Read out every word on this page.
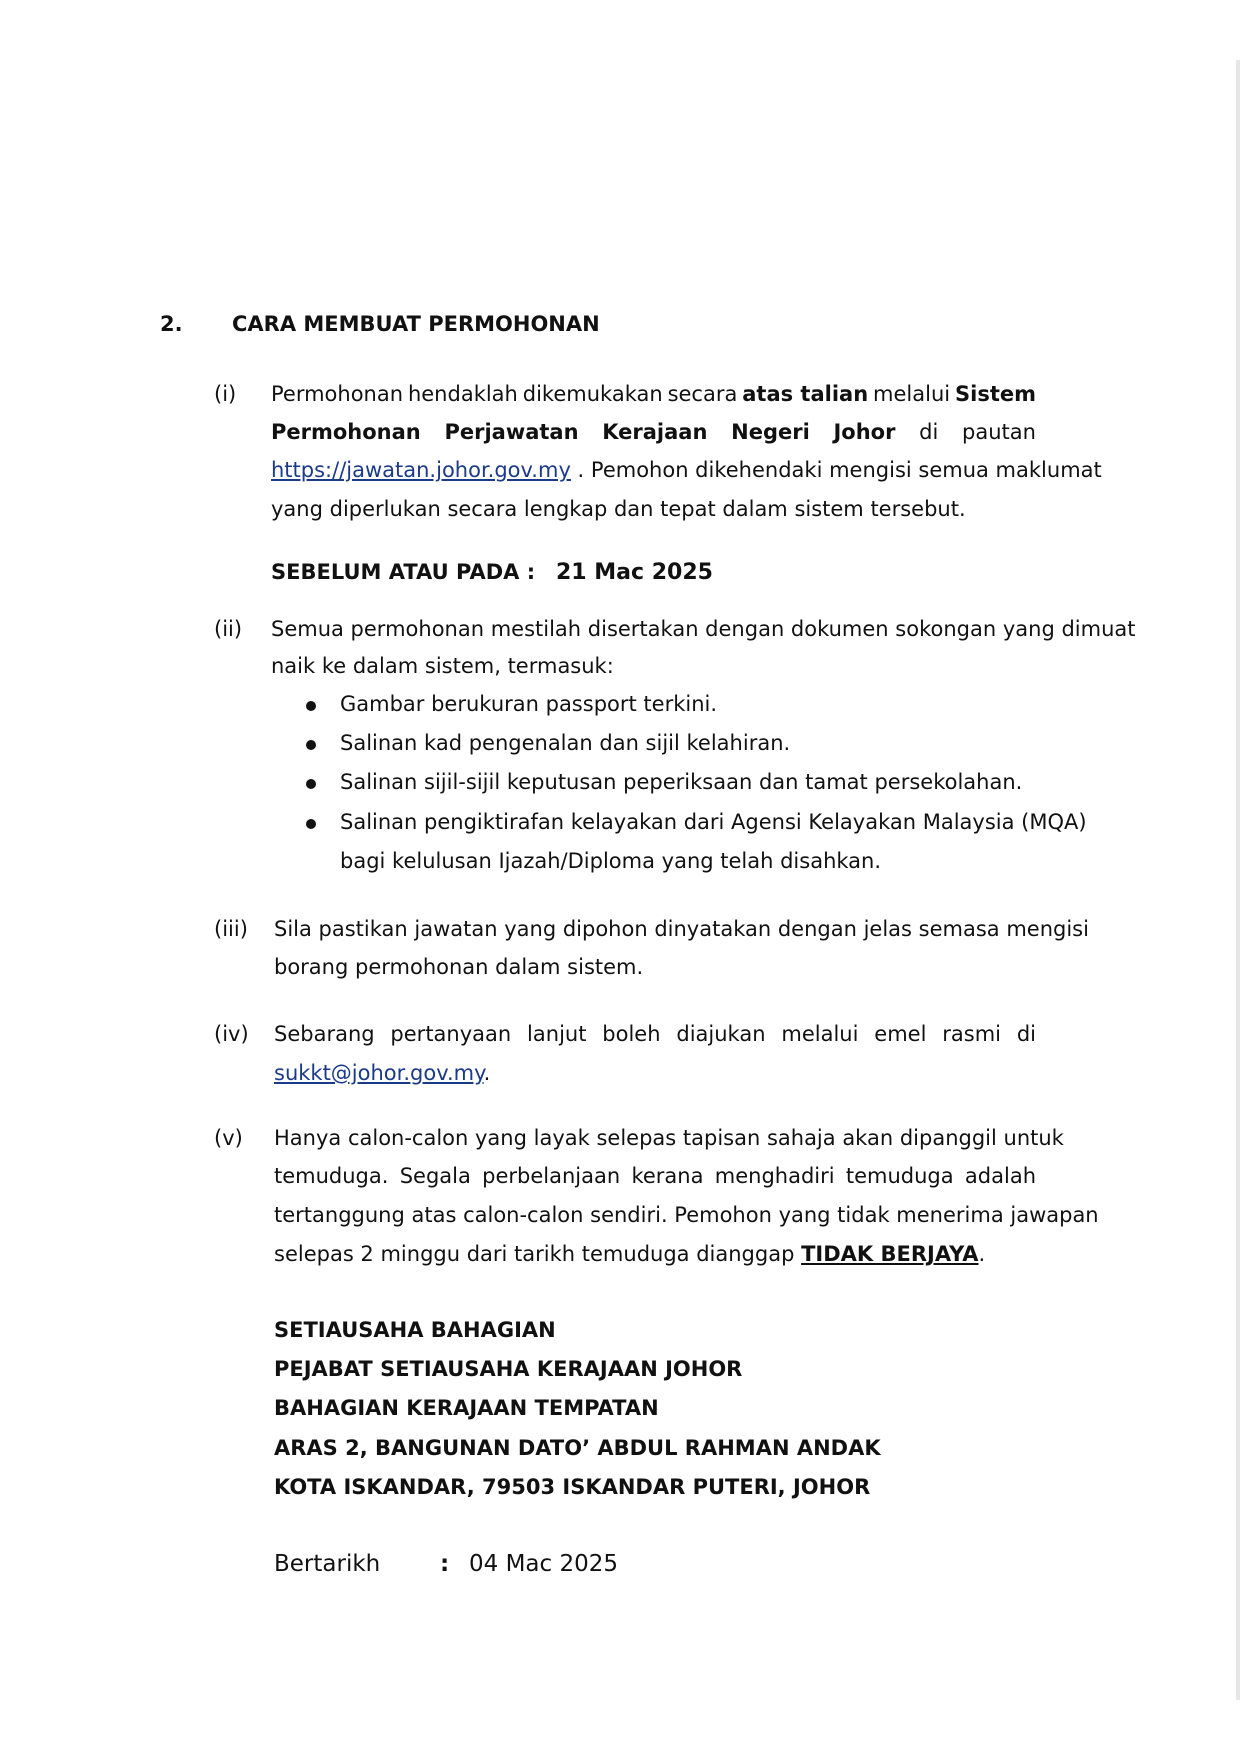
2. CARA MEMBUAT PERMOHONAN
(i) Permohonan hendaklah dikemukakan secara atas talian melalui Sistem
Permohonan Perjawatan Kerajaan Negeri Johor di pautan
https://jawatan.johor.gov.my . Pemohon dikehendaki mengisi semua maklumat
yang diperlukan secara lengkap dan tepat dalam sistem tersebut.
SEBELUM ATAU PADA : 21 Mac 2025
(ii) Semua permohonan mestilah disertakan dengan dokumen sokongan yang dimuat
naik ke dalam sistem, termasuk:
Gambar berukuran passport terkini.
Salinan kad pengenalan dan sijil kelahiran.
Salinan sijil-sijil keputusan peperiksaan dan tamat persekolahan.
Salinan pengiktirafan kelayakan dari Agensi Kelayakan Malaysia (MQA)
bagi kelulusan Ijazah/Diploma yang telah disahkan.
(iii) Sila pastikan jawatan yang dipohon dinyatakan dengan jelas semasa mengisi
borang permohonan dalam sistem.
(iv) Sebarang pertanyaan lanjut boleh diajukan melalui emel rasmi di
sukkt@johor.gov.my.
(v) Hanya calon-calon yang layak selepas tapisan sahaja akan dipanggil untuk
temuduga. Segala perbelanjaan kerana menghadiri temuduga adalah
tertanggung atas calon-calon sendiri. Pemohon yang tidak menerima jawapan
selepas 2 minggu dari tarikh temuduga dianggap TIDAK BERJAYA.
SETIAUSAHA BAHAGIAN
PEJABAT SETIAUSAHA KERAJAAN JOHOR
BAHAGIAN KERAJAAN TEMPATAN
ARAS 2, BANGUNAN DATO’ ABDUL RAHMAN ANDAK
KOTA ISKANDAR, 79503 ISKANDAR PUTERI, JOHOR
Bertarikh	: 04 Mac 2025
